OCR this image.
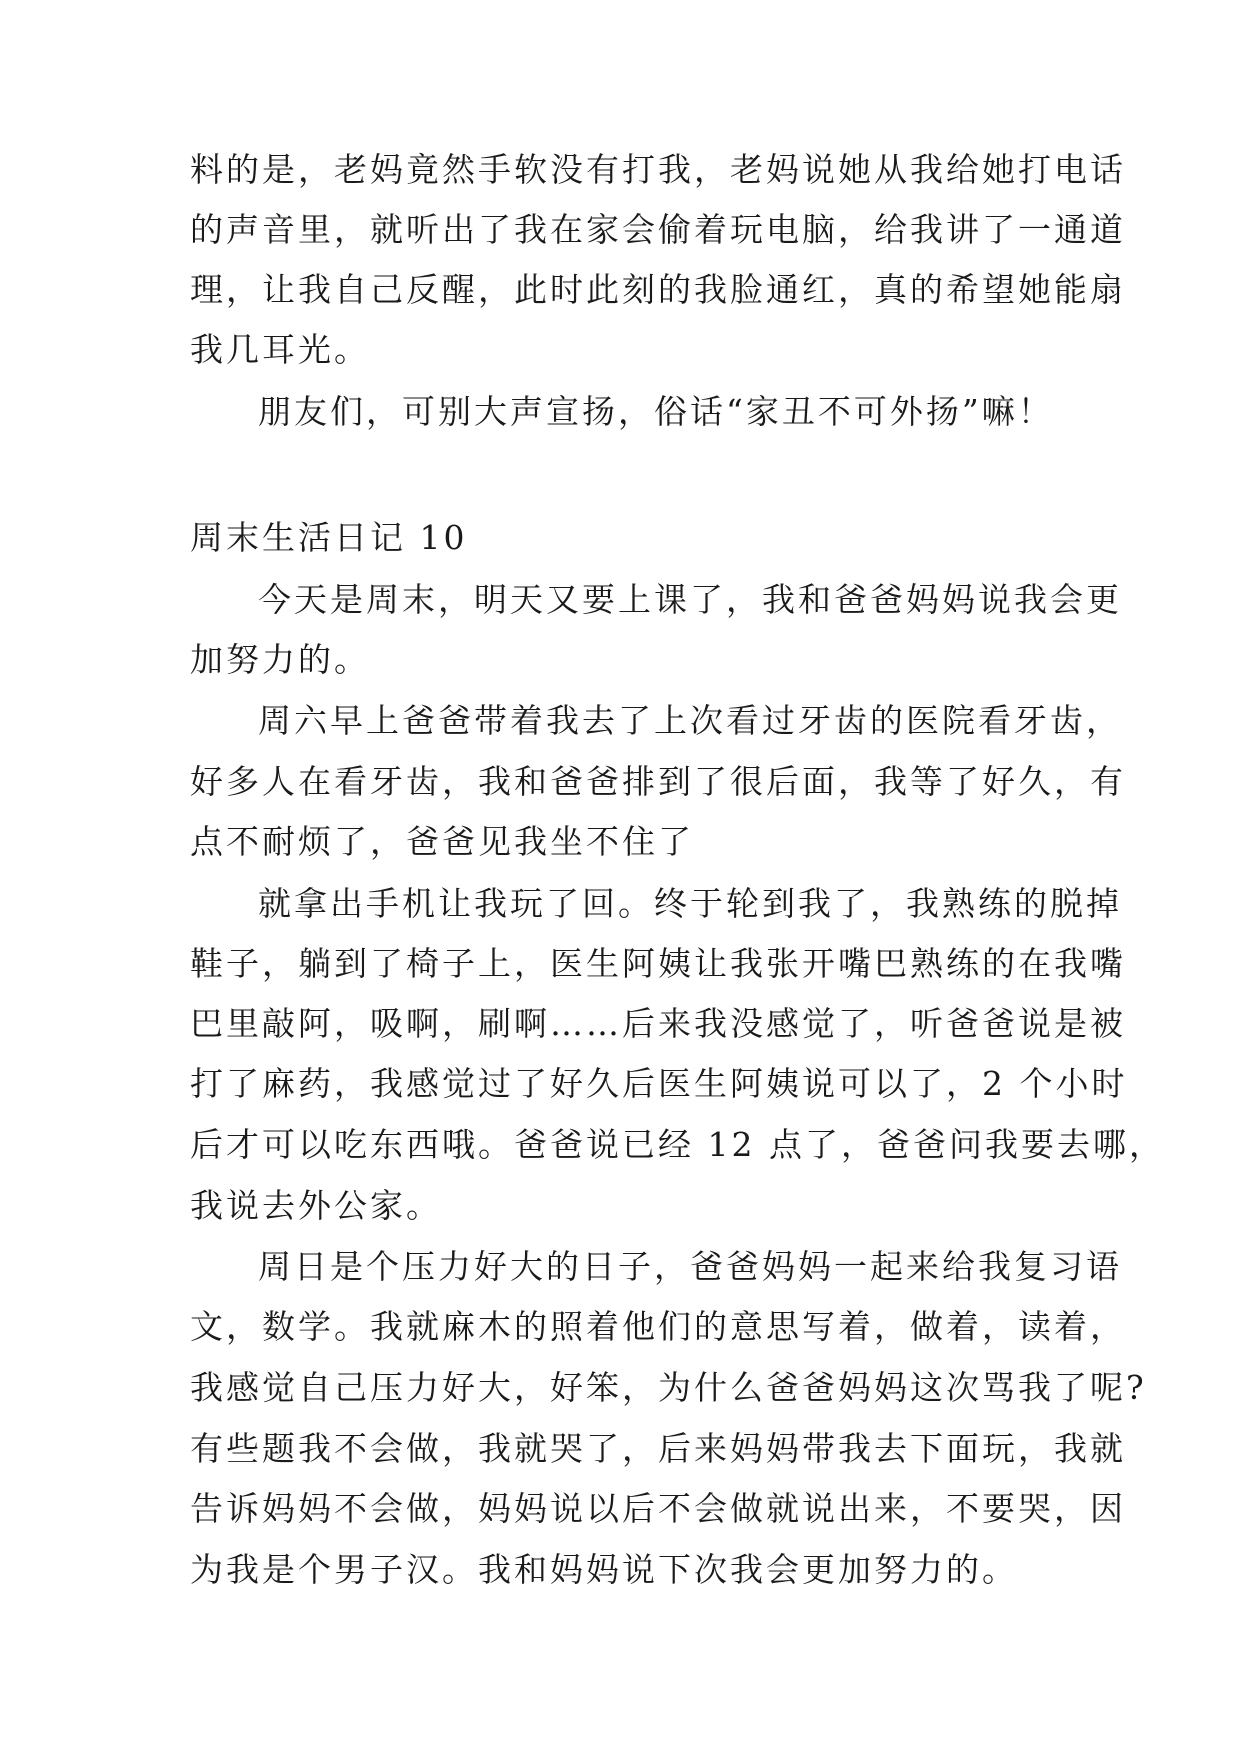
料的是，老妈竟然手软没有打我，老妈说她从我给她打电话
的声音里，就听出了我在家会偷着玩电脑，给我讲了一通道
理，让我自己反醒，此时此刻的我脸通红，真的希望她能扇
我几耳光。
朋友们，可别大声宣扬，俗话“家丑不可外扬”嘛！
周末生活日记 10
今天是周末，明天又要上课了，我和爸爸妈妈说我会更
加努力的。
周六早上爸爸带着我去了上次看过牙齿的医院看牙齿，
好多人在看牙齿，我和爸爸排到了很后面，我等了好久，有
点不耐烦了，爸爸见我坐不住了
就拿出手机让我玩了回。终于轮到我了，我熟练的脱掉
鞋子，躺到了椅子上，医生阿姨让我张开嘴巴熟练的在我嘴
巴里敲阿，吸啊，刷啊……后来我没感觉了，听爸爸说是被
打了麻药，我感觉过了好久后医生阿姨说可以了，2 个小时
后才可以吃东西哦。爸爸说已经 12 点了，爸爸问我要去哪，
我说去外公家。
周日是个压力好大的日子，爸爸妈妈一起来给我复习语
文，数学。我就麻木的照着他们的意思写着，做着，读着，
我感觉自己压力好大，好笨，为什么爸爸妈妈这次骂我了呢?
有些题我不会做，我就哭了，后来妈妈带我去下面玩，我就
告诉妈妈不会做，妈妈说以后不会做就说出来，不要哭，因
为我是个男子汉。我和妈妈说下次我会更加努力的。
